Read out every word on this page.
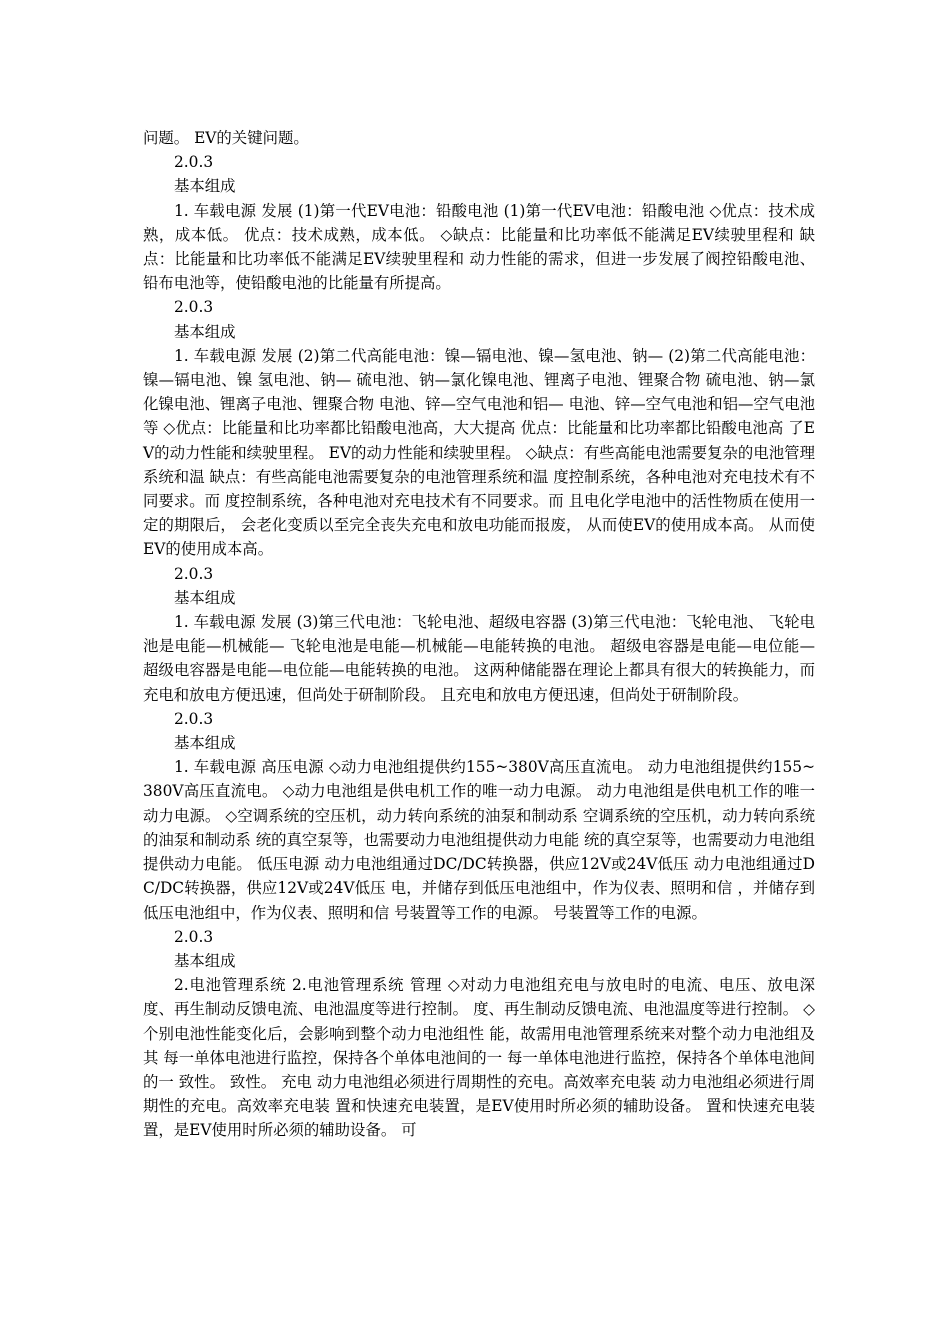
问题。 EV的关键问题。

2.0.3

基本组成

1. 车载电源 发展 (1)第一代EV电池：铅酸电池 (1)第一代EV电池：铅酸电池 ◇优点：技术成熟，成本低。 优点：技术成熟，成本低。 ◇缺点：比能量和比功率低不能满足EV续驶里程和 缺点：比能量和比功率低不能满足EV续驶里程和 动力性能的需求，但进一步发展了阀控铅酸电池、 铅布电池等，使铅酸电池的比能量有所提高。

2.0.3

基本组成

1. 车载电源 发展 (2)第二代高能电池：镍—镉电池、镍—氢电池、钠— (2)第二代高能电池：镍—镉电池、镍 氢电池、钠— 硫电池、钠—氯化镍电池、锂离子电池、锂聚合物 硫电池、钠—氯化镍电池、锂离子电池、锂聚合物 电池、锌—空气电池和铝— 电池、锌—空气电池和铝—空气电池等 ◇优点：比能量和比功率都比铅酸电池高，大大提高 优点：比能量和比功率都比铅酸电池高 了EV的动力性能和续驶里程。 EV的动力性能和续驶里程。 ◇缺点：有些高能电池需要复杂的电池管理系统和温 缺点：有些高能电池需要复杂的电池管理系统和温 度控制系统，各种电池对充电技术有不同要求。而 度控制系统，各种电池对充电技术有不同要求。而 且电化学电池中的活性物质在使用一定的期限后， 会老化变质以至完全丧失充电和放电功能而报废， 从而使EV的使用成本高。 从而使EV的使用成本高。

2.0.3

基本组成

1. 车载电源 发展 (3)第三代电池：飞轮电池、超级电容器 (3)第三代电池：飞轮电池、 飞轮电池是电能—机械能— 飞轮电池是电能—机械能—电能转换的电池。 超级电容器是电能—电位能— 超级电容器是电能—电位能—电能转换的电池。 这两种储能器在理论上都具有很大的转换能力，而 充电和放电方便迅速，但尚处于研制阶段。 且充电和放电方便迅速，但尚处于研制阶段。

2.0.3

基本组成

1. 车载电源 高压电源 ◇动力电池组提供约155~380V高压直流电。 动力电池组提供约155~380V高压直流电。 ◇动力电池组是供电机工作的唯一动力电源。 动力电池组是供电机工作的唯一动力电源。 ◇空调系统的空压机，动力转向系统的油泵和制动系 空调系统的空压机，动力转向系统的油泵和制动系 统的真空泵等，也需要动力电池组提供动力电能 统的真空泵等，也需要动力电池组提供动力电能。 低压电源 动力电池组通过DC/DC转换器，供应12V或24V低压 动力电池组通过DC/DC转换器，供应12V或24V低压 电，并储存到低压电池组中，作为仪表、照明和信 ，并储存到低压电池组中，作为仪表、照明和信 号装置等工作的电源。 号装置等工作的电源。

2.0.3

基本组成

2.电池管理系统 2.电池管理系统 管理 ◇对动力电池组充电与放电时的电流、电压、放电深 度、再生制动反馈电流、电池温度等进行控制。 度、再生制动反馈电流、电池温度等进行控制。 ◇个别电池性能变化后，会影响到整个动力电池组性 能，故需用电池管理系统来对整个动力电池组及其 每一单体电池进行监控，保持各个单体电池间的一 每一单体电池进行监控，保持各个单体电池间的一 致性。 致性。 充电 动力电池组必须进行周期性的充电。高效率充电装 动力电池组必须进行周期性的充电。高效率充电装 置和快速充电装置，是EV使用时所必须的辅助设备。 置和快速充电装置，是EV使用时所必须的辅助设备。 可
